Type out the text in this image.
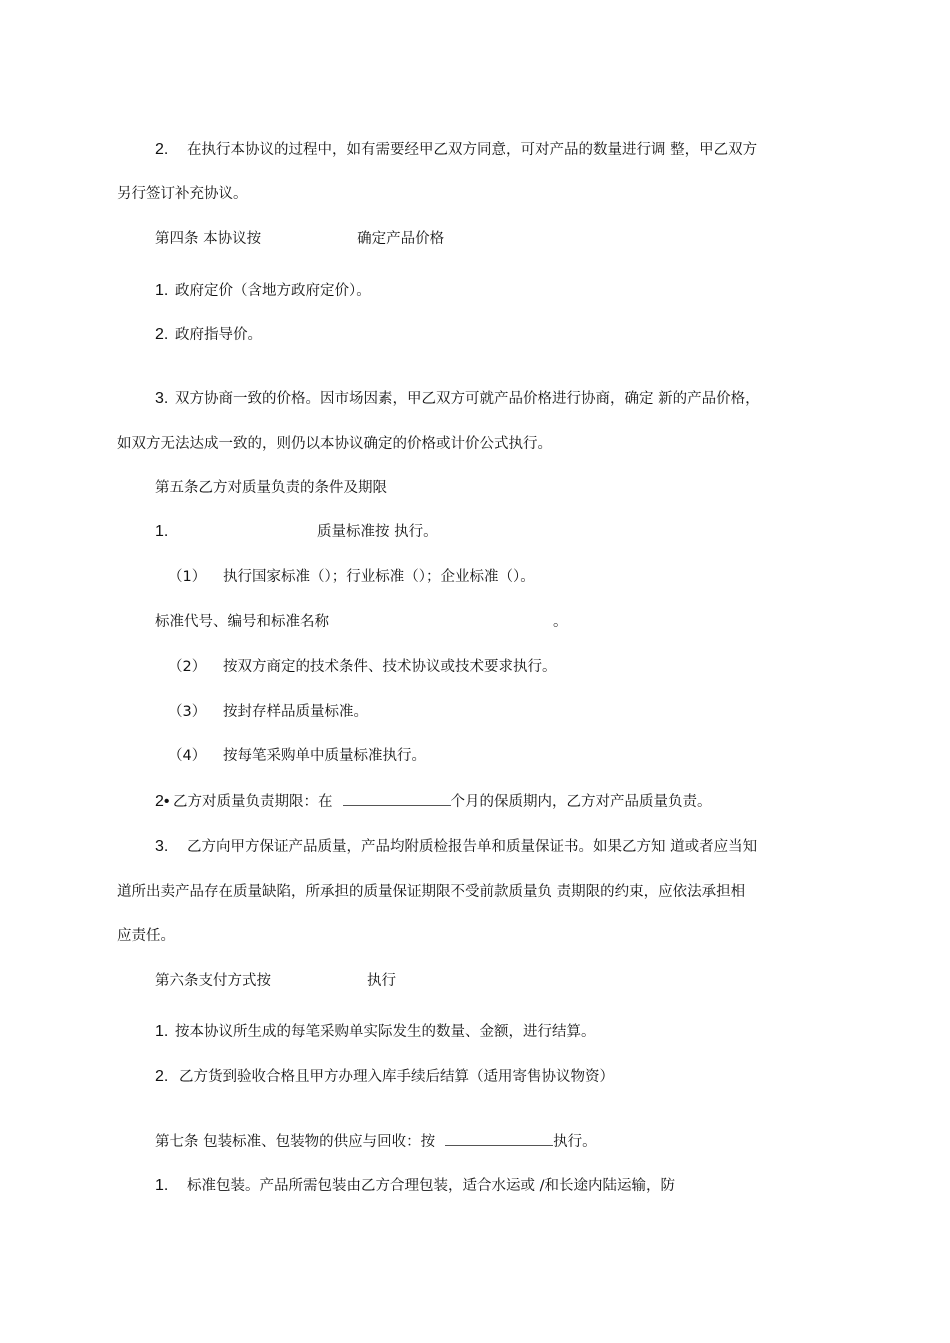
2. 在执行本协议的过程中，如有需要经甲乙双方同意，可对产品的数量进行调 整，甲乙双方
另行签订补充协议。
第四条 本协议按	确定产品价格
1. 政府定价（含地方政府定价）。
2. 政府指导价。
3. 双方协商一致的价格。因市场因素，甲乙双方可就产品价格进行协商，确定 新的产品价格，
如双方无法达成一致的，则仍以本协议确定的价格或计价公式执行。
第五条乙方对质量负责的条件及期限
1.	质量标准按 执行。
（1） 执行国家标准（）；行业标准（）；企业标准（）。
标准代号、编号和标准名称	。
（2） 按双方商定的技术条件、技术协议或技术要求执行。
（3） 按封存样品质量标准。
（4） 按每笔采购单中质量标准执行。
2• 乙方对质量负责期限：在	个月的保质期内，乙方对产品质量负责。
3. 乙方向甲方保证产品质量，产品均附质检报告单和质量保证书。如果乙方知 道或者应当知
道所出卖产品存在质量缺陷，所承担的质量保证期限不受前款质量负 责期限的约束，应依法承担相
应责任。
第六条支付方式按	执行
1. 按本协议所生成的每笔采购单实际发生的数量、金额，进行结算。
2. 乙方货到验收合格且甲方办理入库手续后结算（适用寄售协议物资）
第七条 包装标准、包装物的供应与回收：按	执行。
1. 标准包装。产品所需包装由乙方合理包装，适合水运或 /和长途内陆运输，防
